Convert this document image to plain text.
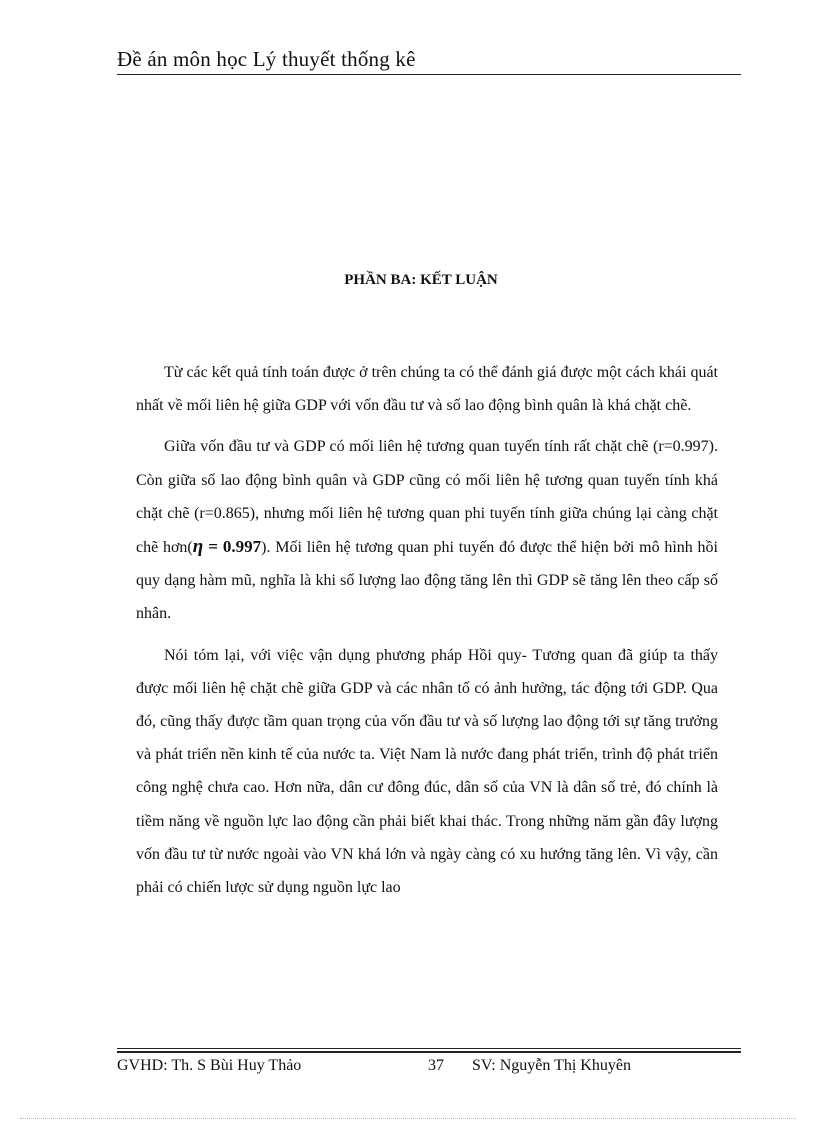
Đề án môn học Lý thuyết thống kê
PHẦN BA: KẾT LUẬN

Từ các kết quả tính toán được ở trên chúng ta có thể đánh giá được một cách khái quát nhất về mối liên hệ giữa GDP với vốn đầu tư và số lao động bình quân là khá chặt chẽ.

Giữa vốn đầu tư và GDP có mối liên hệ tương quan tuyến tính rất chặt chẽ (r=0.997). Còn giữa số lao động bình quân và GDP cũng có mối liên hệ tương quan tuyến tính khá chặt chẽ (r=0.865), nhưng mối liên hệ tương quan phi tuyến tính giữa chúng lại càng chặt chẽ hơn(η = 0.997). Mối liên hệ tương quan phi tuyến đó được thể hiện bởi mô hình hồi quy dạng hàm mũ, nghĩa là khi số lượng lao động tăng lên thì GDP sẽ tăng lên theo cấp số nhân.

Nói tóm lại, với việc vận dụng phương pháp Hồi quy- Tương quan đã giúp ta thấy được mối liên hệ chặt chẽ giữa GDP và các nhân tố có ảnh hưởng, tác động tới GDP. Qua đó, cũng thấy được tầm quan trọng của vốn đầu tư và số lượng lao động tới sự tăng trưởng và phát triển nền kinh tế của nước ta. Việt Nam là nước đang phát triển, trình độ phát triển công nghệ chưa cao. Hơn nữa, dân cư đông đúc, dân số của VN là dân số trẻ, đó chính là tiềm năng về nguồn lực lao động cần phải biết khai thác. Trong những năm gần đây lượng vốn đầu tư từ nước ngoài vào VN khá lớn và ngày càng có xu hướng tăng lên. Vì vậy, cần phải có chiến lược sử dụng nguồn lực lao

GVHD: Th. S Bùi Huy Thảo	37 SV: Nguyễn Thị Khuyên
